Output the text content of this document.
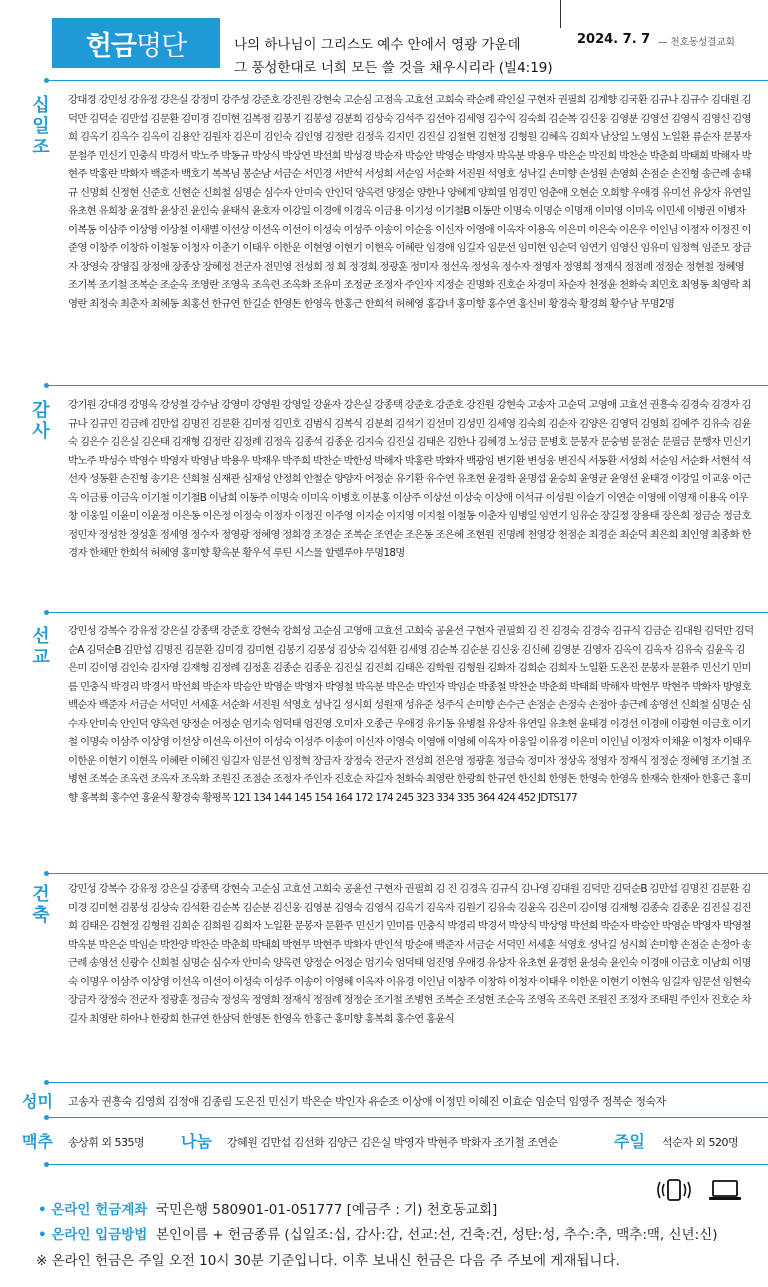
헌금 명단	나의 하나님이 그리스도 예수 안에서 영광 가운데
그 풍성한대로 너희 모든 쓸 것을 채우시리라 (빌4:19)
2024. 7. 7 — 천호동성결교회
십
일
조
강대경 강민성 강유정 강은실 강정미 강주성 강준호 강진원 강현숙 고순심 고점옥 고효선 고희숙 곽순례 곽인실 구현자 권필희 김계향 김국환 김규나 김규수 김대원 김덕만 김덕순 김만섭 김문환 김미경 김미현 김복점 김봉기 김봉성 김분희 김상숙 김석주 김선아 김세영 김수익 김숙희 김순복 김신웅 김영분 김영선 김영식 김영신 김영희 김옥기 김옥수 김옥이 김용안 김원자 김은미 김인숙 김인영 김정란 김정옥 김지민 김진실 김철현 김현정 김형원 김혜옥 김희자 남상일 노영심 노일환 류순자 문봉자 문철주 민신기 민충식 박경서 박노주 박동규 박상식 박상연 박선희 박성경 박순자 박승안 박영순 박영자 박옥분 박용우 박은순 박진희 박찬순 박춘희 박태희 박해자 박현주 박홍란 박화자 백준자 백호기 복복님 봉순남 서금순 서민경 서반석 서성희 서순임 서순화 서진원 석영호 성낙길 손미향 손성원 손영희 손점순 손진형 송근례 송태규 신명희 신정현 신준호 신현순 신희철 심명순 심수자 안미숙 안인덕 양옥련 양정순 양한나 양혜계 양희열 엄경민 엄춘애 오현순 오희향 우애경 유미선 유상자 유연일 유초현 유희창 윤경학 윤상진 윤인숙 윤태식 윤호자 이강일 이경애 이경옥 이금용 이기성 이기철B 이동만 이명숙 이명순 이명재 이미영 이미옥 이민세 이병권 이병자 이복동 이삼주 이상영 이상철 이새별 이선상 이선옥 이선이 이성숙 이성주 이송이 이순응 이신자 이영애 이옥자 이용옥 이은미 이은숙 이은우 이인님 이정자 이정진 이준영 이창주 이창하 이철동 이청자 이춘기 이태우 이한운 이현영 이현기 이현옥 이혜란 임경애 임길자 임문선 임미현 임순덕 임연기 임영신 임유미 임정혁 임준모 장금자 장영숙 장영집 장정애 장종상 장혜정 전군자 전민영 전성희 정 희 정경희 정광훈 정미자 정선옥 정성옥 정수자 정영자 정영희 정재식 정점례 정정순 정현철 정혜영 조기복 조기철 조복순 조순옥 조영란 조영옥 조옥련 조옥화 조유미 조정균 조정자 주인자 지정순 진명화 진호순 차경미 차순자 천정윤 천화숙 최민호 최영동 최영락 최영란 최정숙 최춘자 최혜동 최홍선 한규연 한길순 한영돈 한영옥 한홍근 한희석 허혜영 홍갑녀 홍미향 홍수연 홍신비 황경숙 황경희 황수남 무명2명
감
사
강기원 강대경 강명옥 강성철 강수남 강영미 강영원 강영일 강윤자 강은실 강종택 강준호 강준호 강진원 강현숙 고송자 고순덕 고영애 고효선 권흥숙 김경숙 김경자 김규나 김규민 김금례 김만섭 김명진 김문환 김미정 김민호 김범식 김복식 김분희 김석기 김선미 김성민 김세영 김숙희 김순자 김양은 김영덕 김영희 김예주 김유숙 김윤숙 김은수 김은실 김은태 김재형 김정란 김정례 김정옥 김종석 김종운 김지숙 김진실 김태은 김한나 김혜경 노성금 문병호 문봉자 문숭범 문점순 문필금 문행자 민신기 박노주 박성수 박영수 박영자 박영남 박용우 박재우 박주희 박찬순 박한성 박해자 박홍란 박화자 백광임 변기환 변성웅 변진식 서동환 서성희 서순임 서순화 서현석 석선자 성동환 손진형 송기은 신희철 심재관 심재성 안정희 안철순 양양자 어정순 유기환 유수연 유초현 윤경학 윤명섭 윤승희 윤영균 윤영선 윤태경 이강일 이교웅 이근옥 이금룡 이금옥 이기철 이기철B 이남희 이동주 이명숙 이미옥 이병호 이분홍 이삼주 이상선 이상숙 이상애 이석규 이성원 이슬기 이연순 이영애 이영재 이용옥 이우창 이웅일 이윤미 이윤정 이은동 이은정 이정숙 이정자 이정진 이주영 이지순 이지영 이지철 이철동 이춘자 임병일 임연기 임유순 장길정 장용태 장은희 정금순 정금호 정민자 정성찬 정성훈 정세영 정수자 정영광 정혜영 정희경 조경순 조복순 조연순 조은동 조은혜 조현원 진명례 천영강 천점순 최경순 최순덕 최은희 최인영 최종화 한경자 한채만 한희석 허혜영 홍미향 황옥분 황우석 루틴 시스물 할렐루야 무명18명
선
교
강민성 강복수 강유정 강은실 강종택 강준호 강현숙 강희성 고순심 고영애 고효선 고희숙 공윤선 구현자 권필희 김 진 김경숙 김경숙 김규식 김금순 김대원 김덕만 김덕순A 김덕순B 김만섭 김명진 김문환 김미경 김미현 김봉기 김봉성 김상숙 김석환 김세영 김순복 김순분 김신웅 김신혜 김영분 김영자 김옥이 김옥자 김유숙 김윤옥 김은미 김이영 김인숙 김자영 김재형 김정례 김정훈 김종순 김종운 김진실 김진희 김태은 김학원 김형원 김화자 김희순 김희자 노일환 도온진 문봉자 문환주 민신기 민미름 민충식 박경리 박경서 박선희 박순자 박승안 박영순 박영자 박영철 박옥분 박은순 박인자 박임순 박종철 박찬순 박춘희 박태희 박해자 박현무 박현주 박화자 방영호 백순자 백준자 서금순 서덕민 서세훈 서순화 서진원 석영호 성낙길 성시희 성원재 성유준 성주식 손미향 손수근 손점순 손정숙 손정아 송근례 송영선 신희철 심명순 심수자 안미숙 안인덕 양옥련 양정순 어정순 엄기숙 엄덕태 엄진영 오미자 오종근 우애경 유기동 유병철 유상자 유연일 유초현 윤태경 이경선 이경애 이광현 이금호 이기철 이명숙 이삼주 이상영 이선상 이선옥 이선이 이성숙 이성주 이송이 이신자 이영숙 이영애 이영혜 이옥자 이웅일 이유경 이은미 이인님 이정자 이채윤 이청자 이태우 이한운 이현기 이현옥 이혜란 이혜진 임길자 임문선 임정혁 장금자 장정숙 전군자 전성희 전은영 정광훈 정금숙 정미자 정상옥 정영자 정재식 정정순 정혜영 조기철 조병현 조복순 조옥련 조옥자 조옥화 조원진 조점순 조정자 주인자 진호순 차길자 천화숙 최영란 한광희 한규연 한신희 한영돈 한영숙 한영옥 한재숙 한재아 한홍근 홍미향 홍복희 홍수연 홍윤식 황경숙 황평목 121 134 144 145 154 164 172 174 245 323 334 335 364 424 452 JDTS177
건
축
강민성 강복수 강유정 강은실 강종택 강현숙 고순심 고효선 고희숙 공윤선 구현자 권필희 김 진 김경옥 김규식 김나영 김대원 김덕만 김덕순B 김만섭 김명진 김문환 김미경 김미현 김봉성 김상숙 김석환 김순복 김순분 김신웅 김영분 김영숙 김영식 김옥기 김옥자 김원기 김유숙 김윤옥 김은미 김이영 김재형 김종숙 김종운 김진실 김진희 김태은 김현정 김형원 김희순 김희원 김희자 노일환 문봉자 문환주 민신기 민미름 민충식 박경리 박경서 박상식 박상영 박선희 박순자 박승안 박영순 박영자 박영철 박옥분 박은순 박임순 박찬양 박찬순 박춘희 박태희 박현무 박현주 박화자 반인석 방순애 백준자 서금순 서덕민 서세훈 석영호 성낙길 성시희 손미향 손점순 손정아 송근례 송영선 신광수 신희철 심명순 심수자 안미숙 양옥련 양정순 어정순 엄기숙 엄덕태 엄진영 우애경 유상자 유초현 윤경헌 윤성숙 윤인숙 이경애 이금호 이남희 이명숙 이명우 이삼주 이상영 이선옥 이선이 이성숙 이성주 이송이 이영혜 이옥자 이유경 이인님 이창주 이창하 이청자 이태우 이한운 이현기 이현옥 임길자 임문선 임현숙 장금자 장정숙 전군자 정광훈 정금숙 정성옥 정영희 정재식 정점례 정정순 조기철 조병현 조복순 조성현 조순옥 조영옥 조옥련 조원진 조정자 조태원 주인자 진호순 차길자 최영란 하아나 한광희 한규연 한삼덕 한영돈 한영옥 한홍근 홍미향 홍복희 홍수연 홍윤식
성미 고송자 권흥숙 김영희 김정애 김종림 도은진 민신기 박은순 박인자 유순조 이상애 이정민 이혜진 이효순 임순덕 임영주 정복순 정숙자
맥추 송상휘 외 535명 나눔 강혜원 김만섭 김선화 김양근 김은실 박영자 박현주 박화자 조기철 조연순	주일 석순자 외 520명
• 온라인 헌금계좌 국민은행 580901-01-051777 [예금주 : 기) 천호동교회]
• 온라인 입금방법 본인이름 + 헌금종류 (십일조:십, 감사:감, 선교:선, 건축:건, 성탄:성, 추수:추, 맥추:맥, 신년:신)
※ 온라인 헌금은 주일 오전 10시 30분 기준입니다. 이후 보내신 헌금은 다음 주 주보에 게재됩니다.
